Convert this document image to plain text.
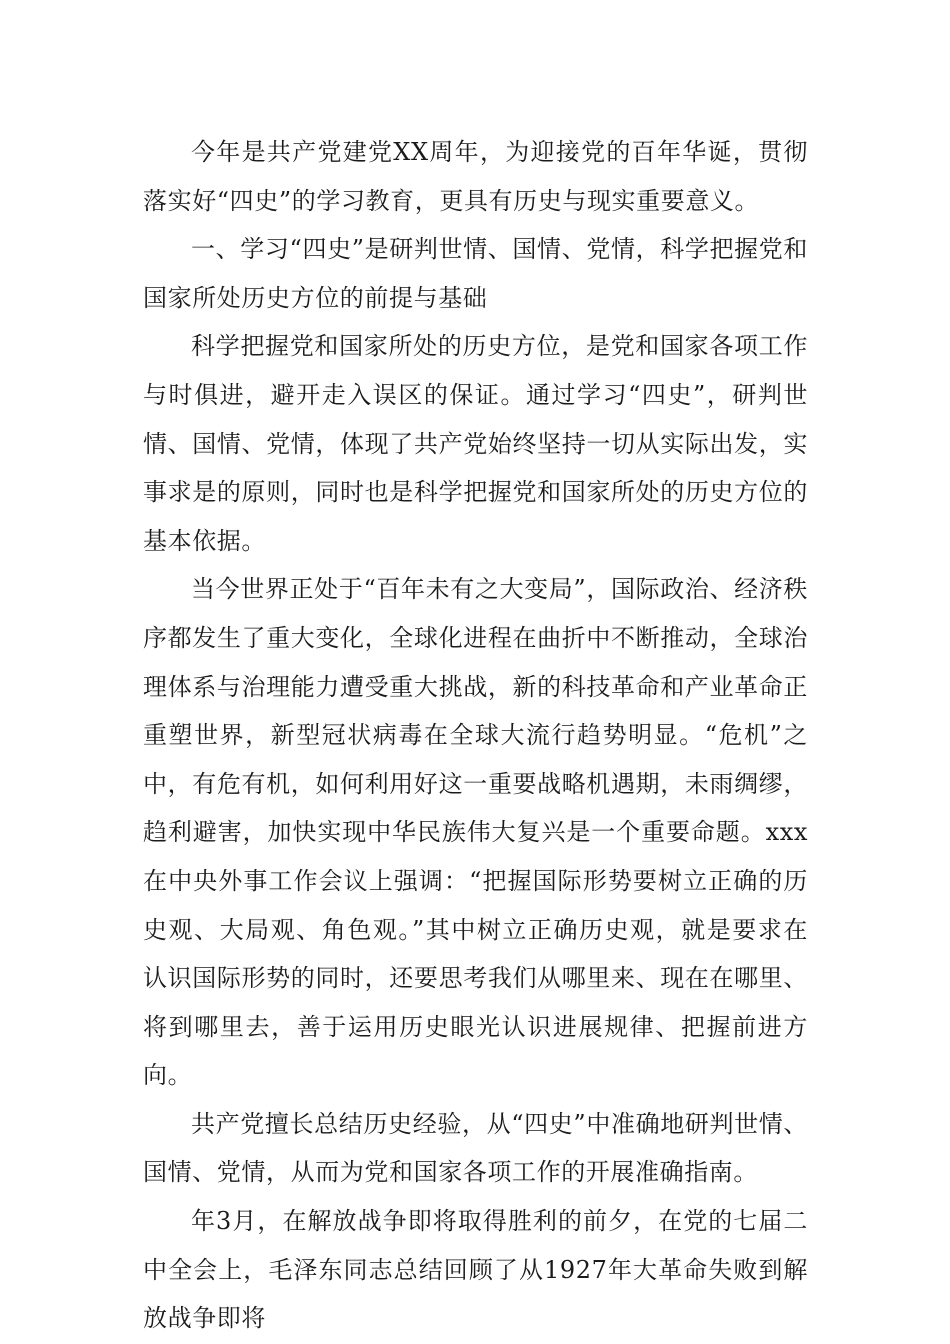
今年是共产党建党XX周年，为迎接党的百年华诞，贯彻落实好“四史”的学习教育，更具有历史与现实重要意义。

一、学习“四史”是研判世情、国情、党情，科学把握党和国家所处历史方位的前提与基础

科学把握党和国家所处的历史方位，是党和国家各项工作与时俱进，避开走入误区的保证。通过学习“四史”，研判世情、国情、党情，体现了共产党始终坚持一切从实际出发，实事求是的原则，同时也是科学把握党和国家所处的历史方位的基本依据。

当今世界正处于“百年未有之大变局”，国际政治、经济秩序都发生了重大变化，全球化进程在曲折中不断推动，全球治理体系与治理能力遭受重大挑战，新的科技革命和产业革命正重塑世界，新型冠状病毒在全球大流行趋势明显。“危机”之中，有危有机，如何利用好这一重要战略机遇期，未雨绸缪，趋利避害，加快实现中华民族伟大复兴是一个重要命题。xxx在中央外事工作会议上强调：“把握国际形势要树立正确的历史观、大局观、角色观。”其中树立正确历史观，就是要求在认识国际形势的同时，还要思考我们从哪里来、现在在哪里、将到哪里去，善于运用历史眼光认识进展规律、把握前进方向。

共产党擅长总结历史经验，从“四史”中准确地研判世情、国情、党情，从而为党和国家各项工作的开展准确指南。

年3月，在解放战争即将取得胜利的前夕，在党的七届二中全会上，毛泽东同志总结回顾了从1927年大革命失败到解放战争即将
